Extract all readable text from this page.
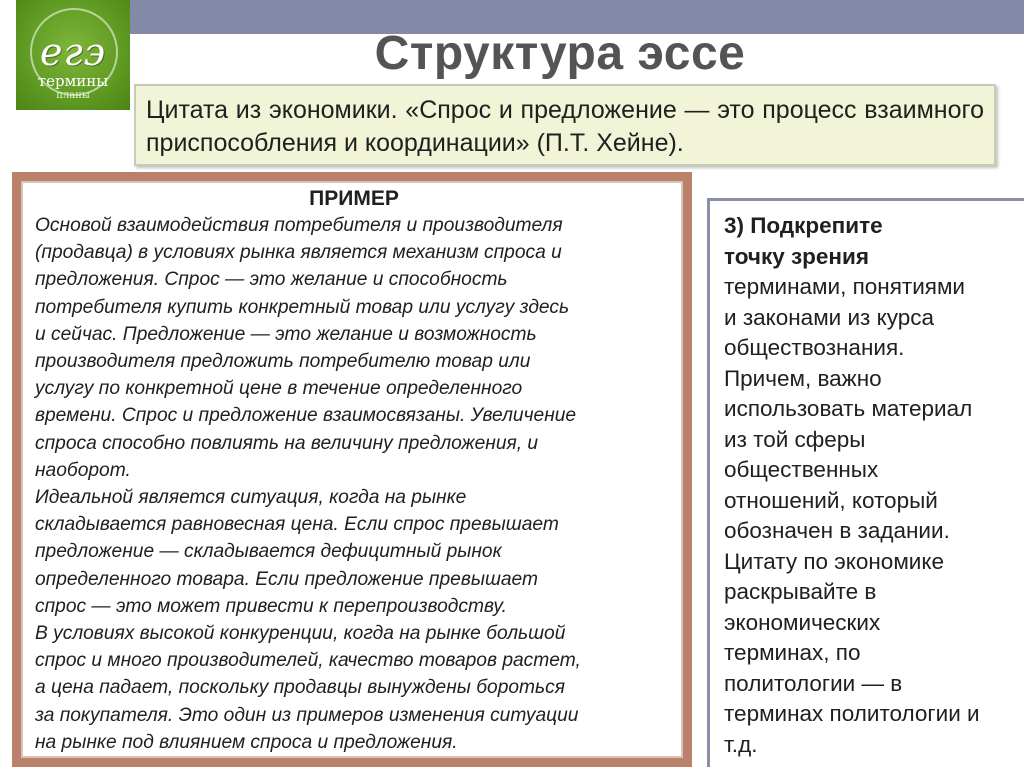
егэ
термины
планы
Структура эссе
Цитата из экономики. «Спрос и предложение — это процесс взаимного приспособления и координации» (П.Т. Хейне).
ПРИМЕР

Основой взаимодействия потребителя и производителя
(продавца) в условиях рынка является механизм спроса и
предложения. Спрос — это желание и способность
потребителя купить конкретный товар или услугу здесь
и сейчас. Предложение — это желание и возможность
производителя предложить потребителю товар или
услугу по конкретной цене в течение определенного
времени. Спрос и предложение взаимосвязаны. Увеличение
спроса способно повлиять на величину предложения, и
наоборот.
Идеальной является ситуация, когда на рынке
складывается равновесная цена. Если спрос превышает
предложение — складывается дефицитный рынок
определенного товара. Если предложение превышает
спрос — это может привести к перепроизводству.
В условиях высокой конкуренции, когда на рынке большой
спрос и много производителей, качество товаров растет,
а цена падает, поскольку продавцы вынуждены бороться
за покупателя. Это один из примеров изменения ситуации
на рынке под влиянием спроса и предложения.

3) Подкрепите
точку зрения

терминами, понятиями
и законами из курса
обществознания.
Причем, важно
использовать материал
из той сферы
общественных
отношений, который
обозначен в задании.
Цитату по экономике
раскрывайте в
экономических
терминах, по
политологии — в
терминах политологии и
т.д.
